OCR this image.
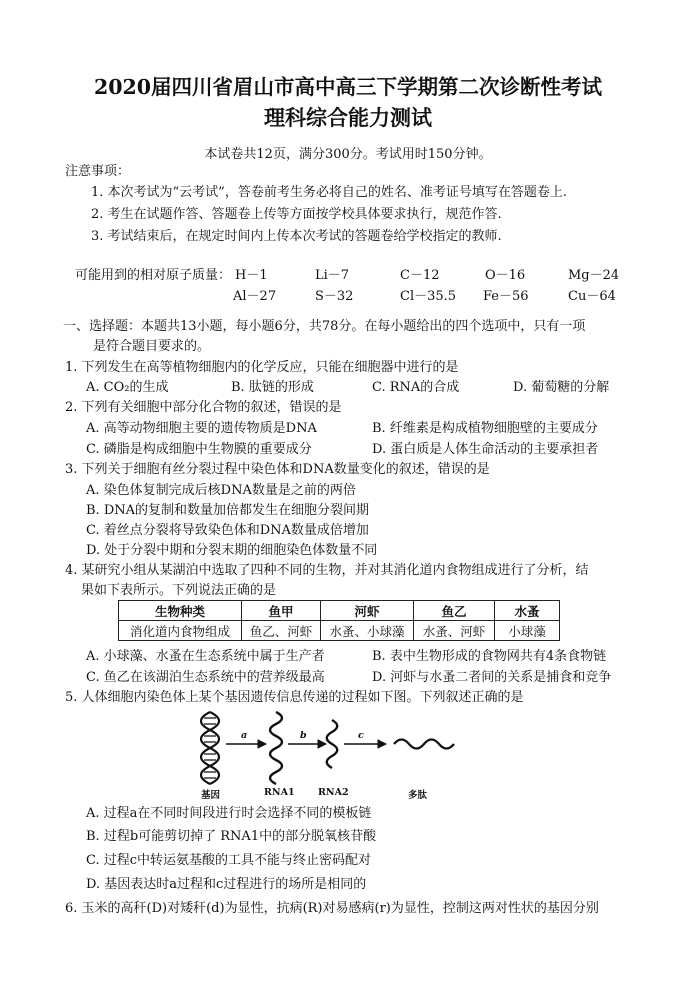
2020届四川省眉山市高中高三下学期第二次诊断性考试
理科综合能力测试
本试卷共12页，满分300分。考试用时150分钟。
注意事项：
1. 本次考试为“云考试”，答卷前考生务必将自己的姓名、准考证号填写在答题卷上.
2. 考生在试题作答、答题卷上传等方面按学校具体要求执行，规范作答.
3. 考试结束后，在规定时间内上传本次考试的答题卷给学校指定的教师.
可能用到的相对原子质量： H－1	Li－7	C－12	O－16	Mg－24
Al－27	S－32	Cl－35.5 Fe－56	Cu－64
一、选择题：本题共13小题，每小题6分，共78分。在每小题给出的四个选项中，只有一项
是符合题目要求的。
1. 下列发生在高等植物细胞内的化学反应，只能在细胞器中进行的是
A. CO₂的生成	B. 肽链的形成	C. RNA的合成	D. 葡萄糖的分解
2. 下列有关细胞中部分化合物的叙述，错误的是
A. 高等动物细胞主要的遗传物质是DNA	B. 纤维素是构成植物细胞壁的主要成分
C. 磷脂是构成细胞中生物膜的重要成分	D. 蛋白质是人体生命活动的主要承担者
3. 下列关于细胞有丝分裂过程中染色体和DNA数量变化的叙述，错误的是
A. 染色体复制完成后核DNA数量是之前的两倍
B. DNA的复制和数量加倍都发生在细胞分裂间期
C. 着丝点分裂将导致染色体和DNA数量成倍增加
D. 处于分裂中期和分裂末期的细胞染色体数量不同
4. 某研究小组从某湖泊中选取了四种不同的生物，并对其消化道内食物组成进行了分析，结
果如下表所示。下列说法正确的是
生物种类	鱼甲	河虾	鱼乙	水蚤
消化道内食物组成	鱼乙、河虾	水蚤、小球藻	水蚤、河虾	小球藻
A. 小球藻、水蚤在生态系统中属于生产者	B. 表中生物形成的食物网共有4条食物链
C. 鱼乙在该湖泊生态系统中的营养级最高	D. 河虾与水蚤二者间的关系是捕食和竞争
5. 人体细胞内染色体上某个基因遗传信息传递的过程如下图。下列叙述正确的是
a	b	c
基因	RNA1 RNA2	多肽
A. 过程a在不同时间段进行时会选择不同的模板链
B. 过程b可能剪切掉了 RNA1中的部分脱氧核苷酸
C. 过程c中转运氨基酸的工具不能与终止密码配对
D. 基因表达时a过程和c过程进行的场所是相同的
6. 玉米的高秆(D)对矮秆(d)为显性，抗病(R)对易感病(r)为显性，控制这两对性状的基因分别
